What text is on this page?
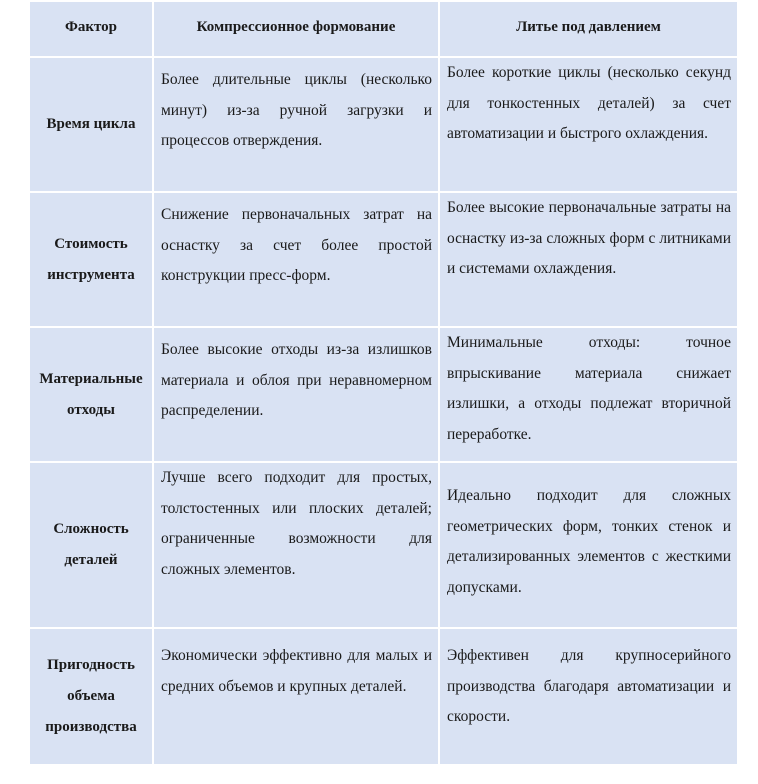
Фактор	Компрессионное формование	Литье под давлением
Время цикла	Более длительные циклы (несколько минут) из-за ручной загрузки и процессов отверждения.	Более короткие циклы (несколько секунд для тонкостенных деталей) за счет автоматизации и быстрого охлаждения.
Стоимость инструмента	Снижение первоначальных затрат на оснастку за счет более простой конструкции пресс-форм.	Более высокие первоначальные затраты на оснастку из-за сложных форм с литниками и системами охлаждения.
Материальные отходы	Более высокие отходы из-за излишков материала и облоя при неравномерном распределении.	Минимальные отходы: точное впрыскивание материала снижает излишки, а отходы подлежат вторичной переработке.
Сложность деталей	Лучше всего подходит для простых, толстостенных или плоских деталей; ограниченные возможности для сложных элементов.	Идеально подходит для сложных геометрических форм, тонких стенок и детализированных элементов с жесткими допусками.
Пригодность объема производства	Экономически эффективно для малых и средних объемов и крупных деталей.	Эффективен для крупносерийного производства благодаря автоматизации и скорости.
